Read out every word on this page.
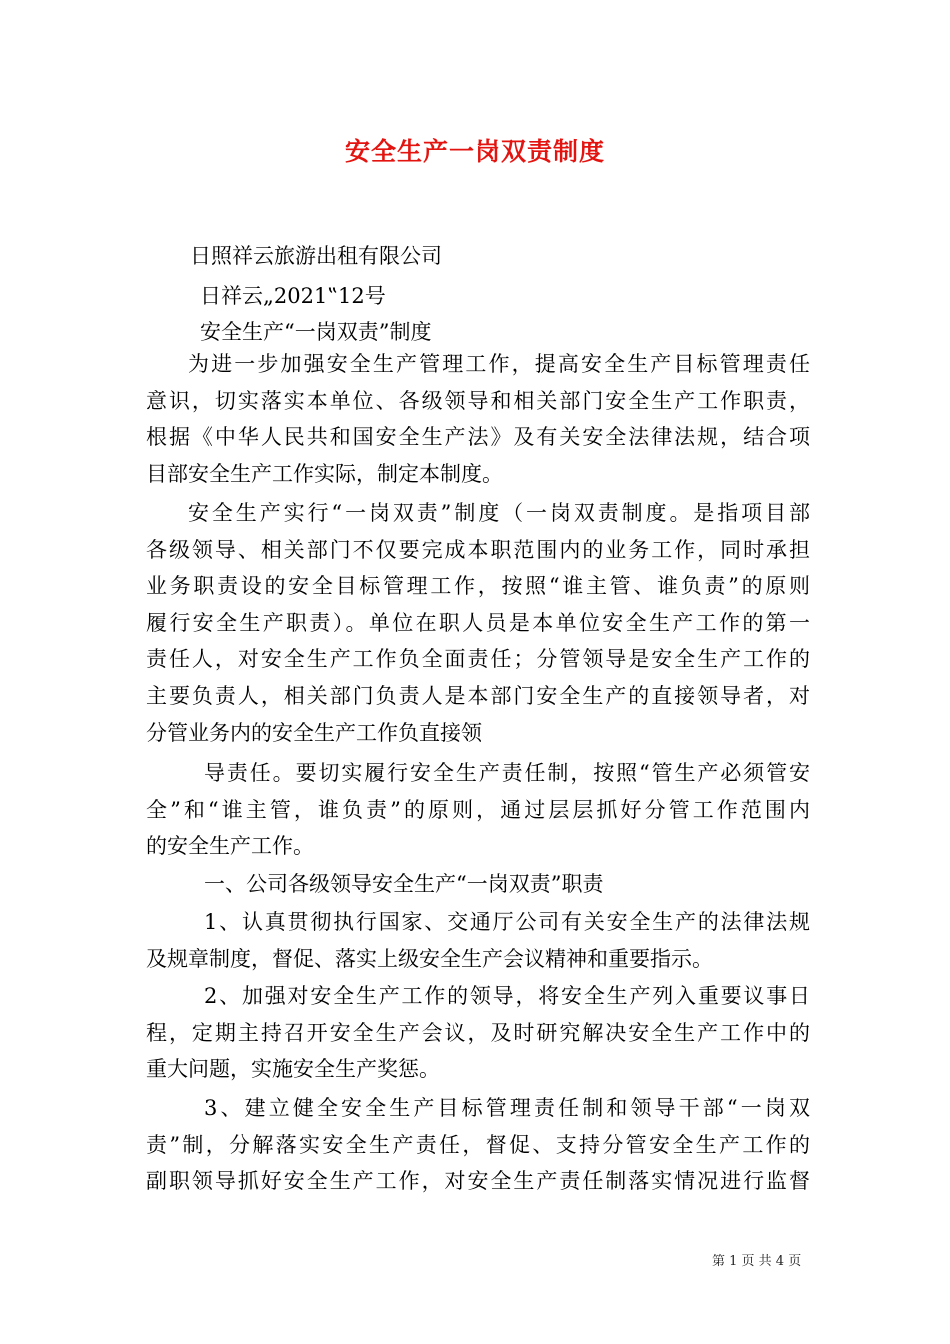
安全生产一岗双责制度
日照祥云旅游出租有限公司
日祥云„2021‟12号
安全生产“一岗双责”制度
为进一步加强安全生产管理工作，提高安全生产目标管理责任
意识，切实落实本单位、各级领导和相关部门安全生产工作职责，
根据《中华人民共和国安全生产法》及有关安全法律法规，结合项
目部安全生产工作实际，制定本制度。
安全生产实行“一岗双责”制度（一岗双责制度。是指项目部
各级领导、相关部门不仅要完成本职范围内的业务工作，同时承担
业务职责设的安全目标管理工作，按照“谁主管、谁负责”的原则
履行安全生产职责）。单位在职人员是本单位安全生产工作的第一
责任人，对安全生产工作负全面责任；分管领导是安全生产工作的
主要负责人，相关部门负责人是本部门安全生产的直接领导者，对
分管业务内的安全生产工作负直接领
导责任。要切实履行安全生产责任制，按照“管生产必须管安
全”和“谁主管，谁负责”的原则，通过层层抓好分管工作范围内
的安全生产工作。
一、公司各级领导安全生产“一岗双责”职责
1、认真贯彻执行国家、交通厅公司有关安全生产的法律法规
及规章制度，督促、落实上级安全生产会议精神和重要指示。
2、加强对安全生产工作的领导，将安全生产列入重要议事日
程，定期主持召开安全生产会议，及时研究解决安全生产工作中的
重大问题，实施安全生产奖惩。
3、建立健全安全生产目标管理责任制和领导干部“一岗双
责”制，分解落实安全生产责任，督促、支持分管安全生产工作的
副职领导抓好安全生产工作，对安全生产责任制落实情况进行监督
第 1 页 共 4 页
